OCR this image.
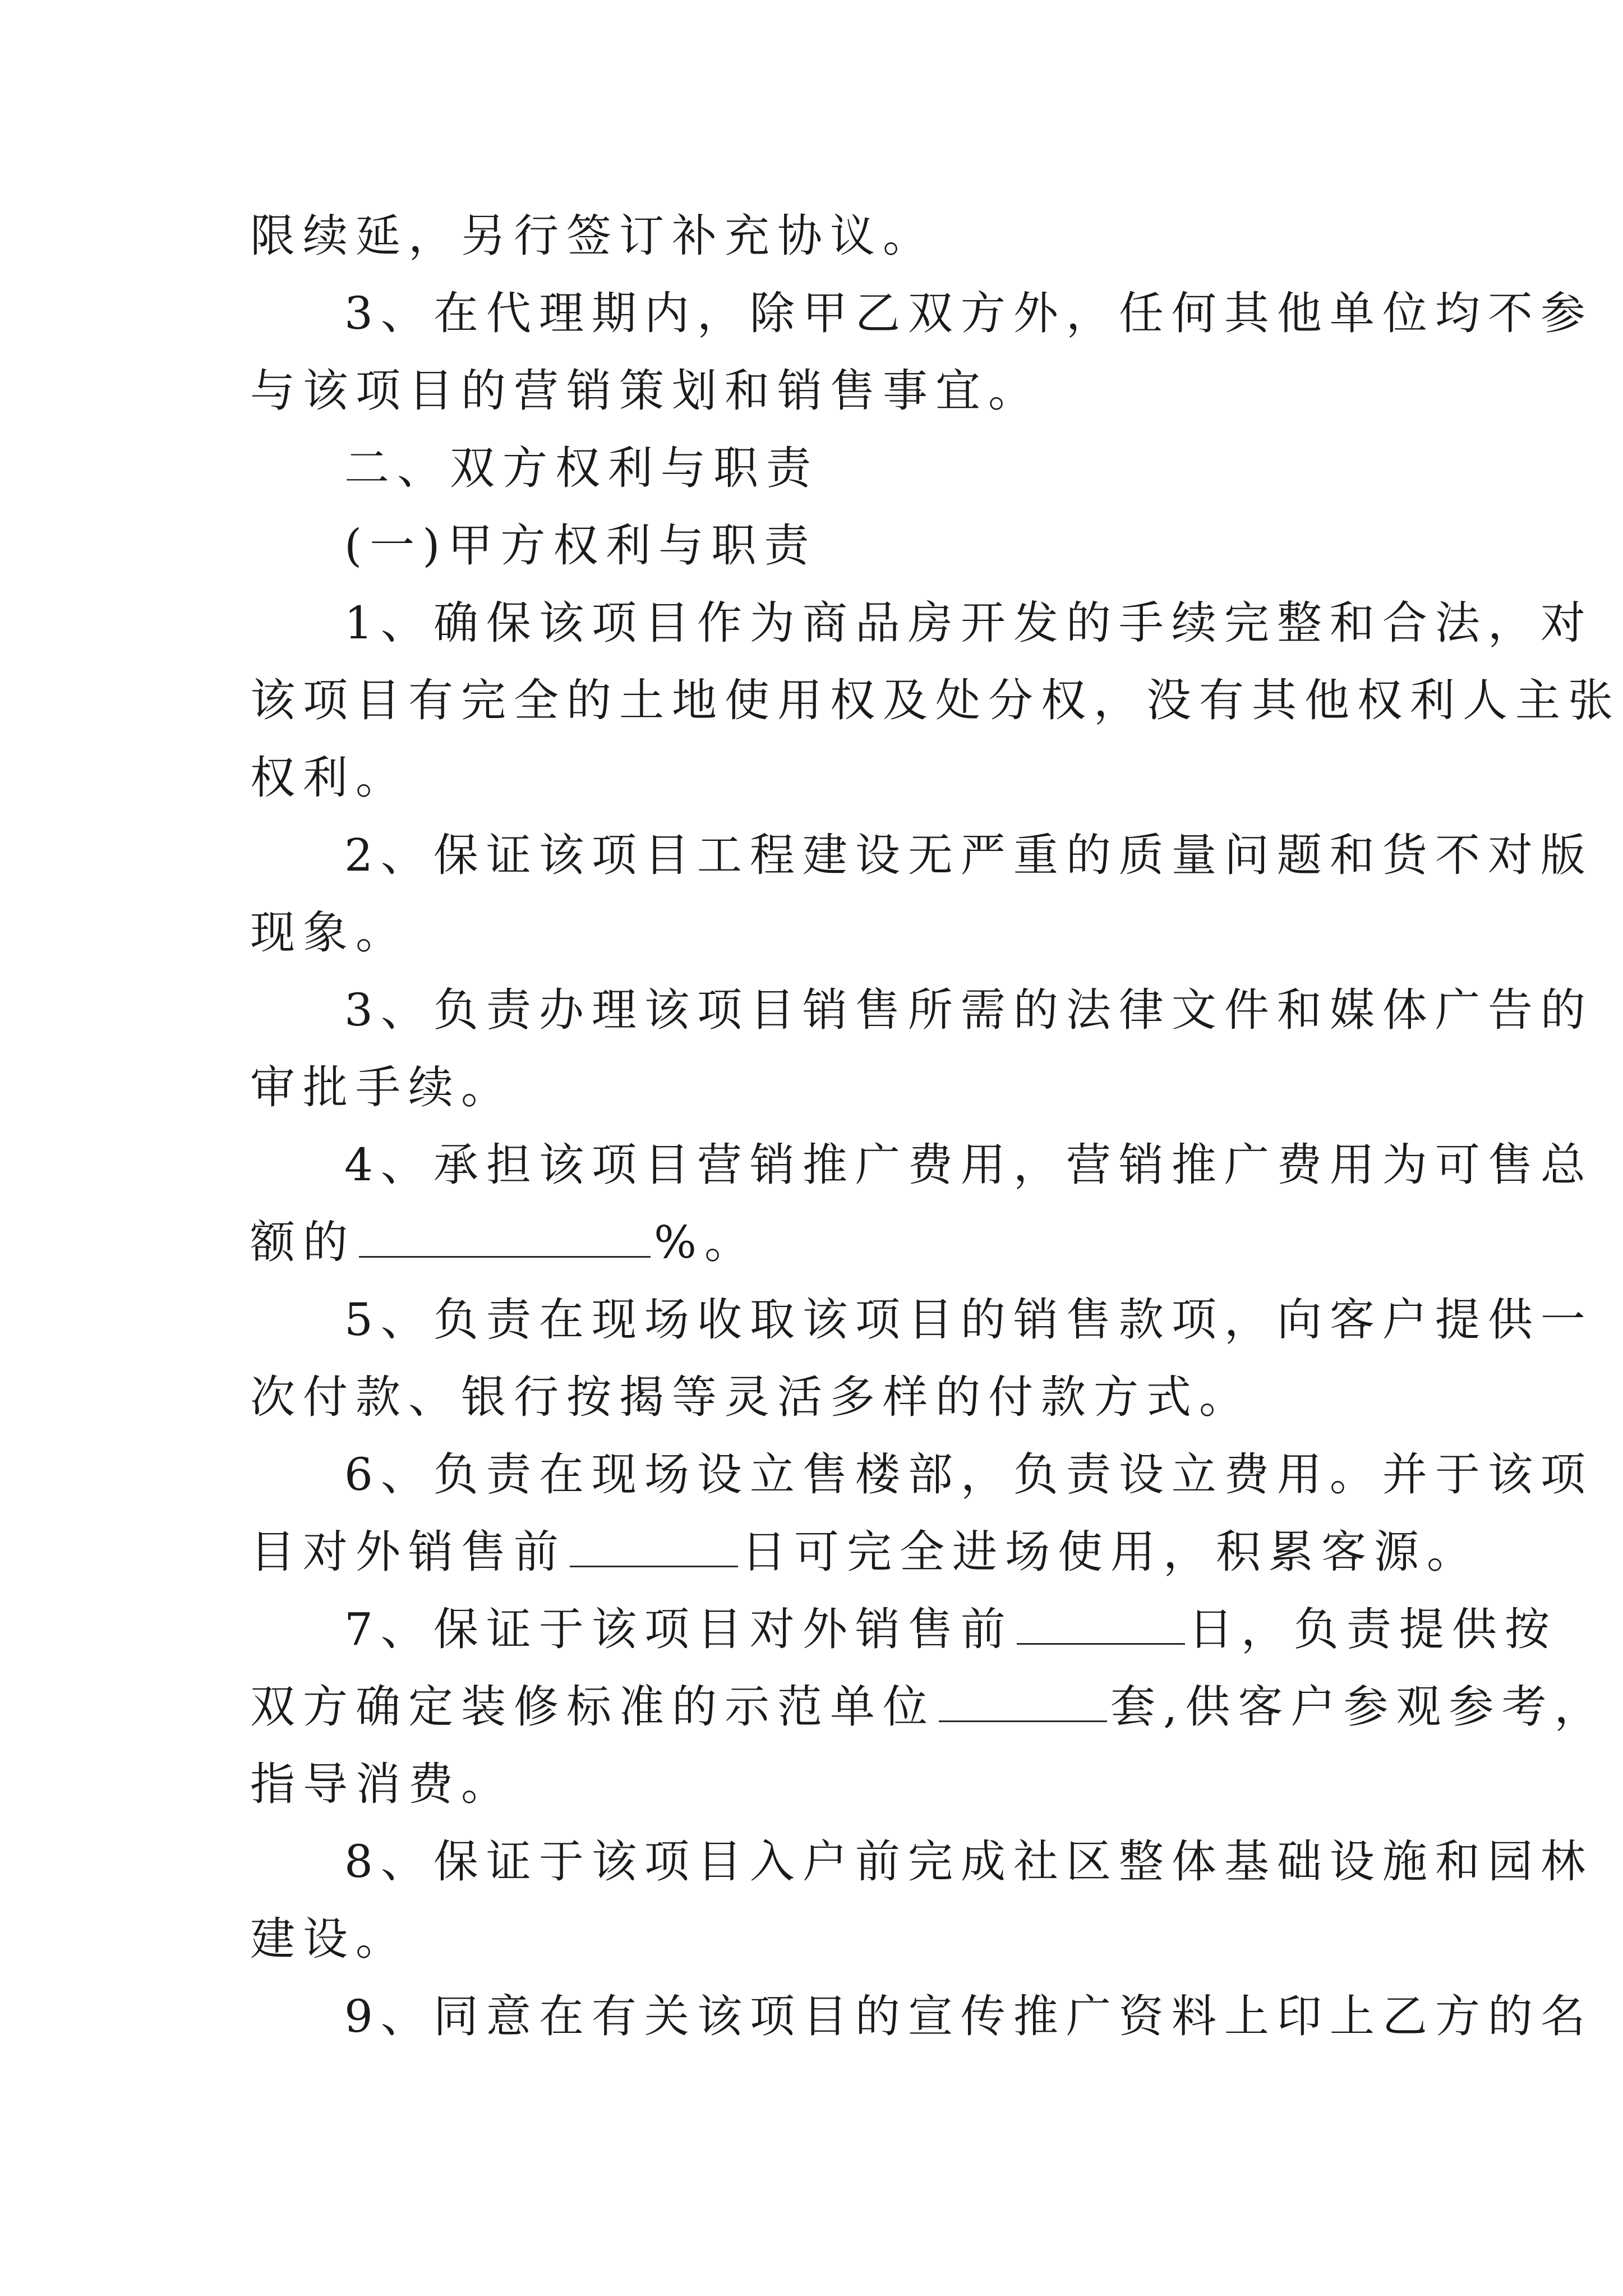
限续延，另行签订补充协议。
3、在代理期内，除甲乙双方外，任何其他单位均不参
与该项目的营销策划和销售事宜。
二、双方权利与职责
(一)甲方权利与职责
1、确保该项目作为商品房开发的手续完整和合法，对
该项目有完全的土地使用权及处分权，没有其他权利人主张
权利。
2、保证该项目工程建设无严重的质量问题和货不对版
现象。
3、负责办理该项目销售所需的法律文件和媒体广告的
审批手续。
4、承担该项目营销推广费用，营销推广费用为可售总
额的	%。
5、负责在现场收取该项目的销售款项，向客户提供一
次付款、银行按揭等灵活多样的付款方式。
6、负责在现场设立售楼部，负责设立费用。并于该项
目对外销售前	日可完全进场使用，积累客源。
7、保证于该项目对外销售前	日，负责提供按
双方确定装修标准的示范单位	套,供客户参观参考，
指导消费。
8、保证于该项目入户前完成社区整体基础设施和园林
建设。
9、同意在有关该项目的宣传推广资料上印上乙方的名
